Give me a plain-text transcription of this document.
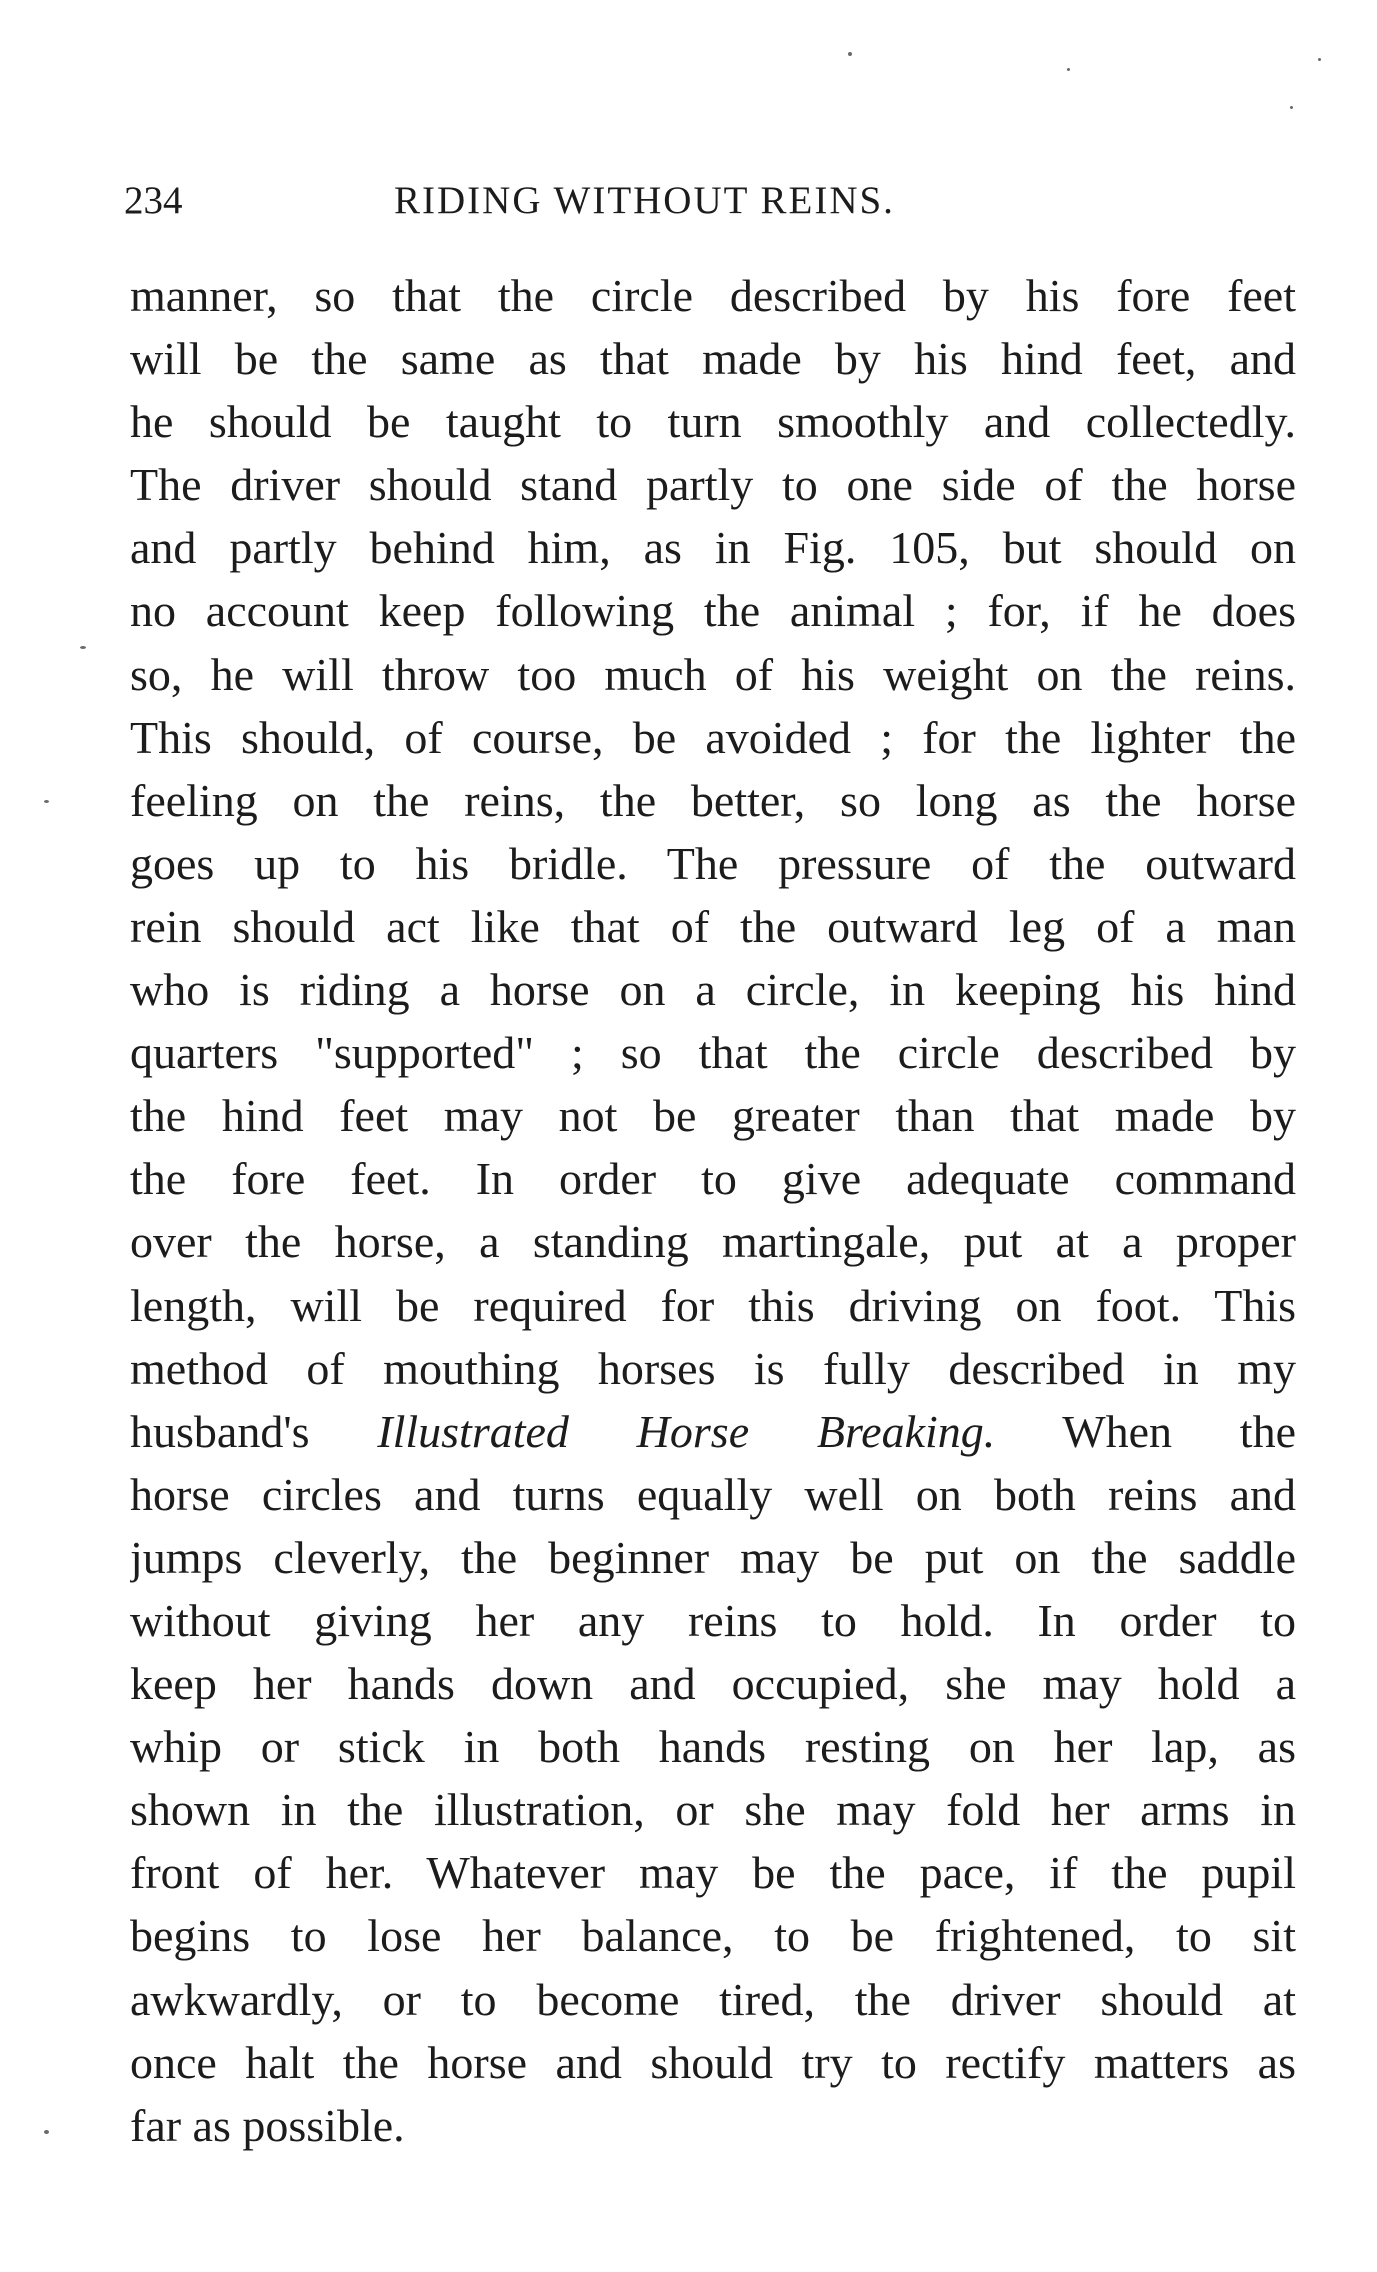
234	RIDING WITHOUT REINS.
manner, so that the circle described by his fore feet
will be the same as that made by his hind feet, and
he should be taught to turn smoothly and collectedly.
The driver should stand partly to one side of the horse
and partly behind him, as in Fig. 105, but should on
no account keep following the animal ; for, if he does
so, he will throw too much of his weight on the reins.
This should, of course, be avoided ; for the lighter the
feeling on the reins, the better, so long as the horse
goes up to his bridle. The pressure of the outward
rein should act like that of the outward leg of a man
who is riding a horse on a circle, in keeping his hind
quarters "supported" ; so that the circle described by
the hind feet may not be greater than that made by
the fore feet. In order to give adequate command
over the horse, a standing martingale, put at a proper
length, will be required for this driving on foot. This
method of mouthing horses is fully described in my
husband's Illustrated Horse Breaking. When the
horse circles and turns equally well on both reins and
jumps cleverly, the beginner may be put on the saddle
without giving her any reins to hold. In order to
keep her hands down and occupied, she may hold a
whip or stick in both hands resting on her lap, as
shown in the illustration, or she may fold her arms in
front of her. Whatever may be the pace, if the pupil
begins to lose her balance, to be frightened, to sit
awkwardly, or to become tired, the driver should at
once halt the horse and should try to rectify matters as
far as possible.
